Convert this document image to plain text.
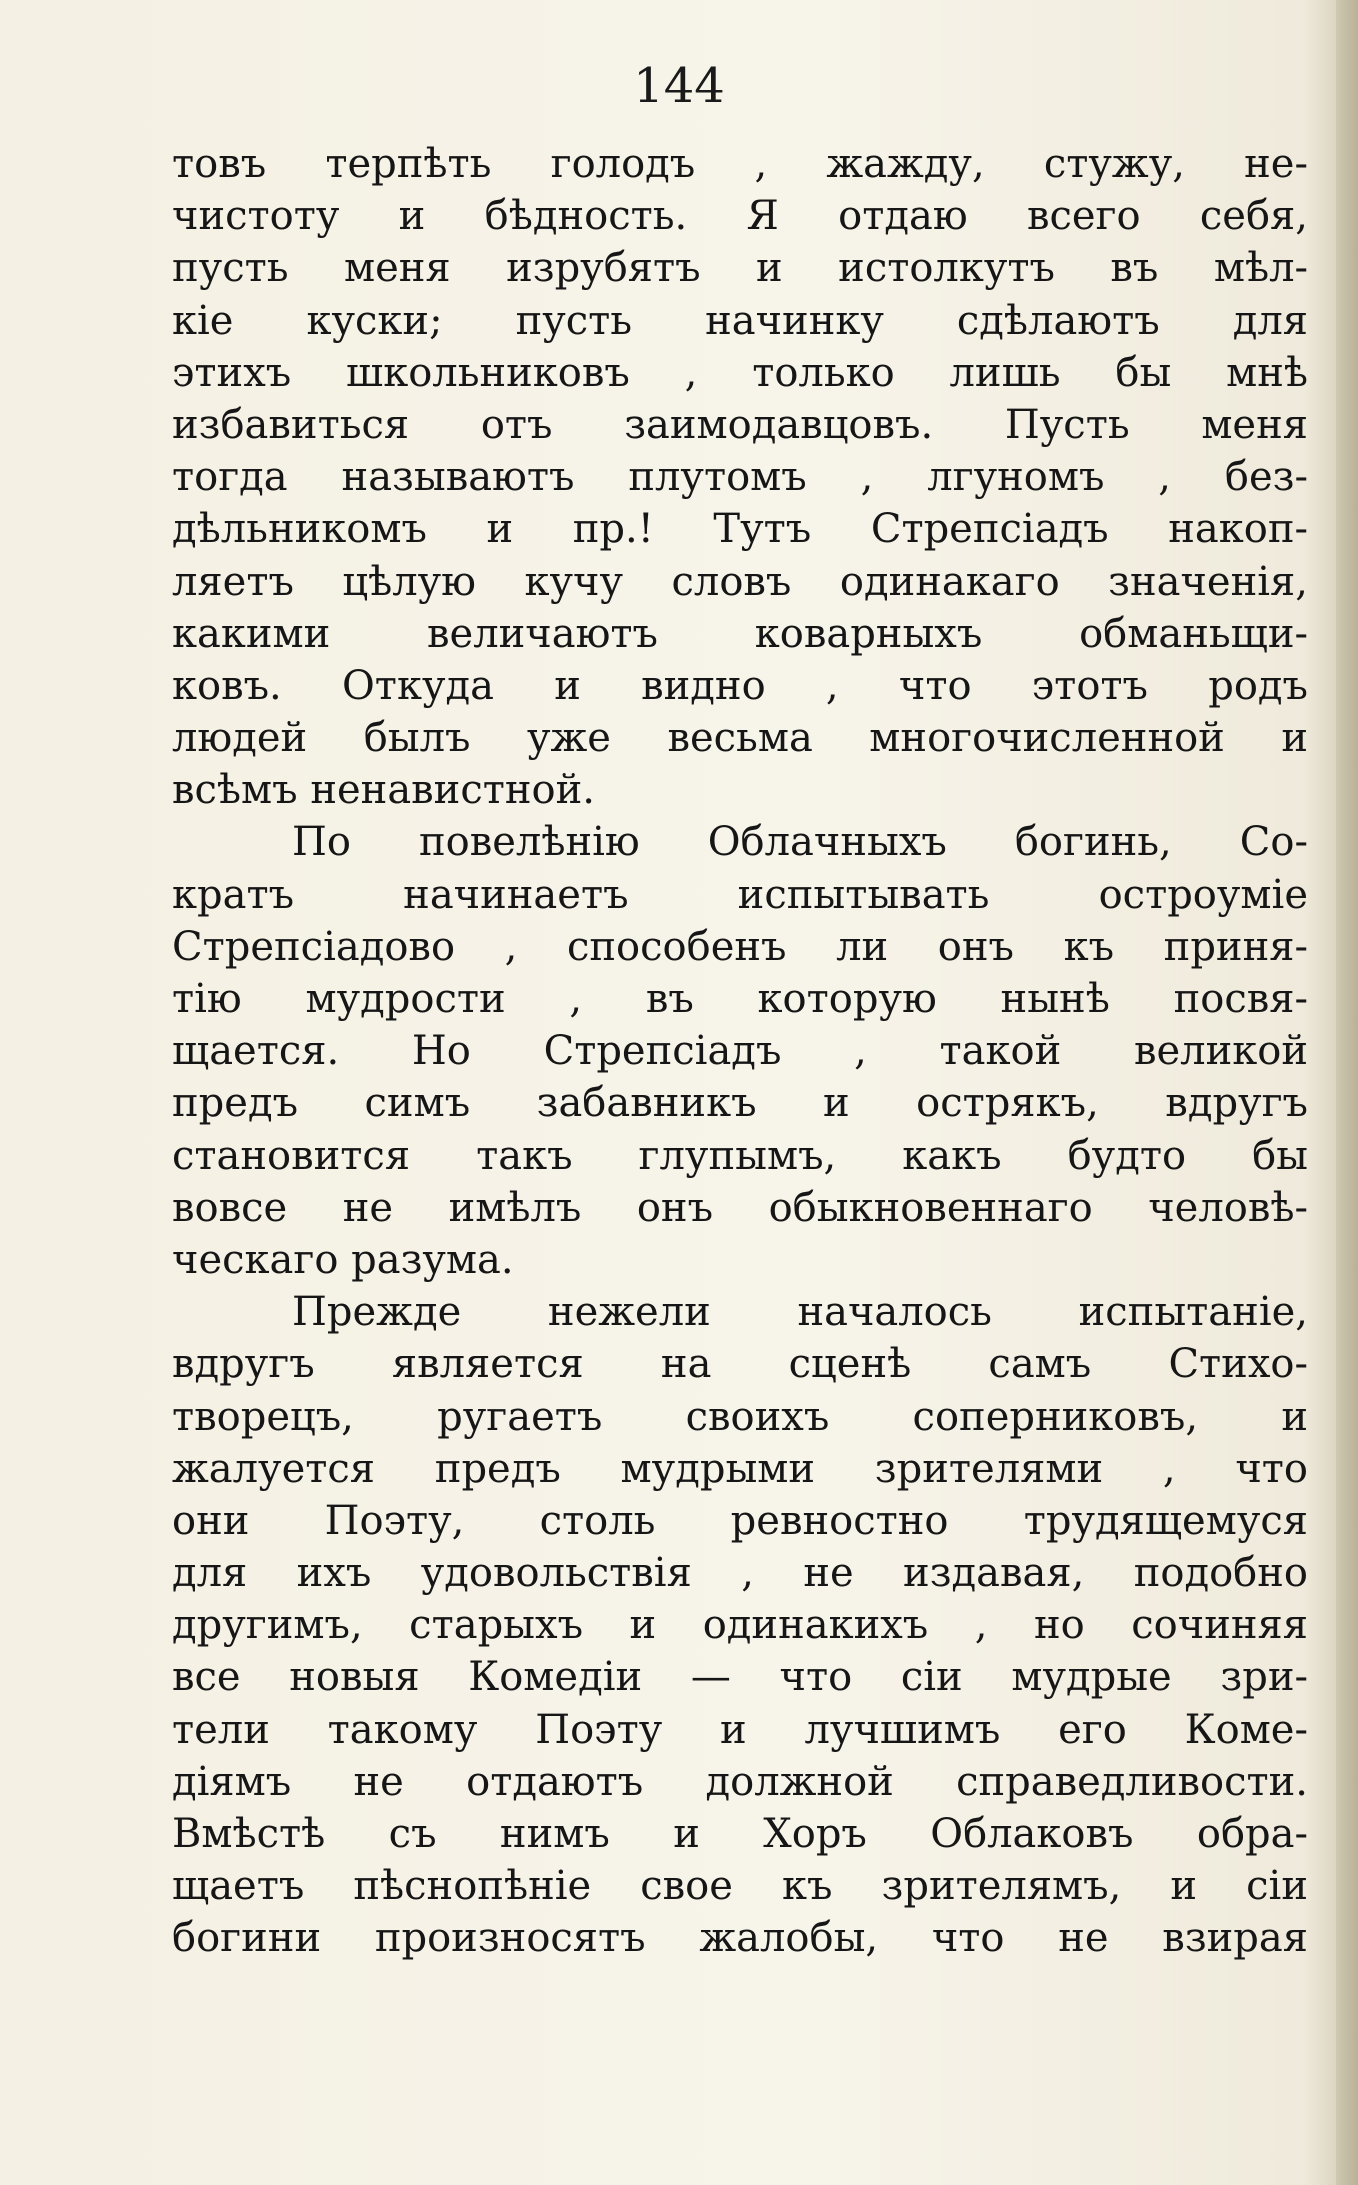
144
товъ терпѣть голодъ , жажду, стужу, не-
чистоту и бѣдность. Я отдаю всего себя,
пусть меня изрубятъ и истолкутъ въ мѣл-
кіе куски; пусть начинку сдѣлаютъ для
этихъ школьниковъ , только лишь бы мнѣ
избавиться отъ заимодавцовъ. Пусть меня
тогда называютъ плутомъ , лгуномъ , без-
дѣльникомъ и пр.! Тутъ Стрепсіадъ накоп-
ляетъ цѣлую кучу словъ одинакаго значенія,
какими величаютъ коварныхъ обманьщи-
ковъ. Откуда и видно , что этотъ родъ
людей былъ уже весьма многочисленной и
всѣмъ ненавистной.
По повелѣнію Облачныхъ богинь, Со-
кратъ начинаетъ испытывать остроуміе
Стрепсіадово , способенъ ли онъ къ приня-
тію мудрости , въ которую нынѣ посвя-
щается. Но Стрепсіадъ , такой великой
предъ симъ забавникъ и острякъ, вдругъ
становится такъ глупымъ, какъ будто бы
вовсе не имѣлъ онъ обыкновеннаго человѣ-
ческаго разума.
Прежде нежели началось испытаніе,
вдругъ является на сценѣ самъ Стихо-
творецъ, ругаетъ своихъ соперниковъ, и
жалуется предъ мудрыми зрителями , что
они Поэту, столь ревностно трудящемуся
для ихъ удовольствія , не издавая, подобно
другимъ, старыхъ и одинакихъ , но сочиняя
все новыя Комедіи — что сіи мудрые зри-
тели такому Поэту и лучшимъ его Коме-
діямъ не отдаютъ должной справедливости.
Вмѣстѣ съ нимъ и Хоръ Облаковъ обра-
щаетъ пѣснопѣніе свое къ зрителямъ, и сіи
богини произносятъ жалобы, что не взирая
